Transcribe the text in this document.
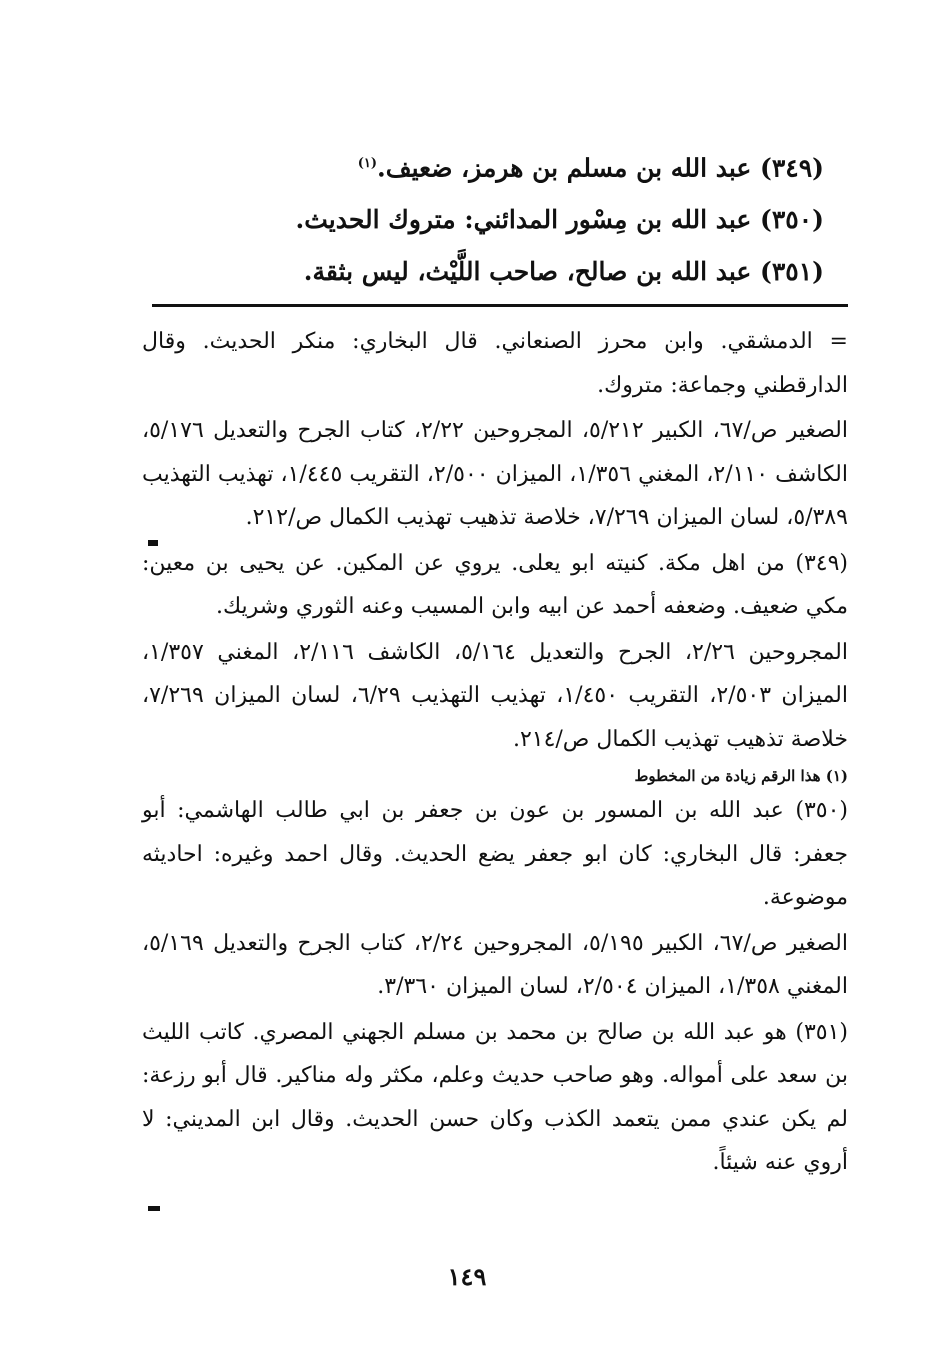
(٣٤٩) عبد الله بن مسلم بن هرمز، ضعيف.$^{(١)}$

(٣٥٠) عبد الله بن مِسْور المدائني: متروك الحديث.

(٣٥١) عبد الله بن صالح، صاحب اللَّيْث، ليس بثقة.

= الدمشقي. وابن محرز الصنعاني. قال البخاري: منكر الحديث. وقال الدارقطني وجماعة: متروك.

الصغير ص/٦٧، الكبير ٥/٢١٢، المجروحين ٢/٢٢، كتاب الجرح والتعديل ٥/١٧٦، الكاشف ٢/١١٠، المغني ١/٣٥٦، الميزان ٢/٥٠٠، التقريب ١/٤٤٥، تهذيب التهذيب ٥/٣٨٩، لسان الميزان ٧/٢٦٩، خلاصة تذهيب تهذيب الكمال ص/٢١٢.

(٣٤٩) من اهل مكة. كنيته ابو يعلى. يروي عن المكين. عن يحيى بن معين: مكي ضعيف. وضعفه أحمد عن ابيه وابن المسيب وعنه الثوري وشريك.

المجروحين ٢/٢٦، الجرح والتعديل ٥/١٦٤، الكاشف ٢/١١٦، المغني ١/٣٥٧، الميزان ٢/٥٠٣، التقريب ١/٤٥٠، تهذيب التهذيب ٦/٢٩، لسان الميزان ٧/٢٦٩، خلاصة تذهيب تهذيب الكمال ص/٢١٤.

(١) هذا الرقم زيادة من المخطوط

(٣٥٠) عبد الله بن المسور بن عون بن جعفر بن ابي طالب الهاشمي: أبو جعفر: قال البخاري: كان ابو جعفر يضع الحديث. وقال احمد وغيره: احاديثه موضوعة.

الصغير ص/٦٧، الكبير ٥/١٩٥، المجروحين ٢/٢٤، كتاب الجرح والتعديل ٥/١٦٩، المغني ١/٣٥٨، الميزان ٢/٥٠٤، لسان الميزان ٣/٣٦٠.

(٣٥١) هو عبد الله بن صالح بن محمد بن مسلم الجهني المصري. كاتب الليث بن سعد على أمواله. وهو صاحب حديث وعلم، مكثر وله مناكير. قال أبو رزعة: لم يكن عندي ممن يتعمد الكذب وكان حسن الحديث. وقال ابن المديني: لا أروي عنه شيئاً.

١٤٩
